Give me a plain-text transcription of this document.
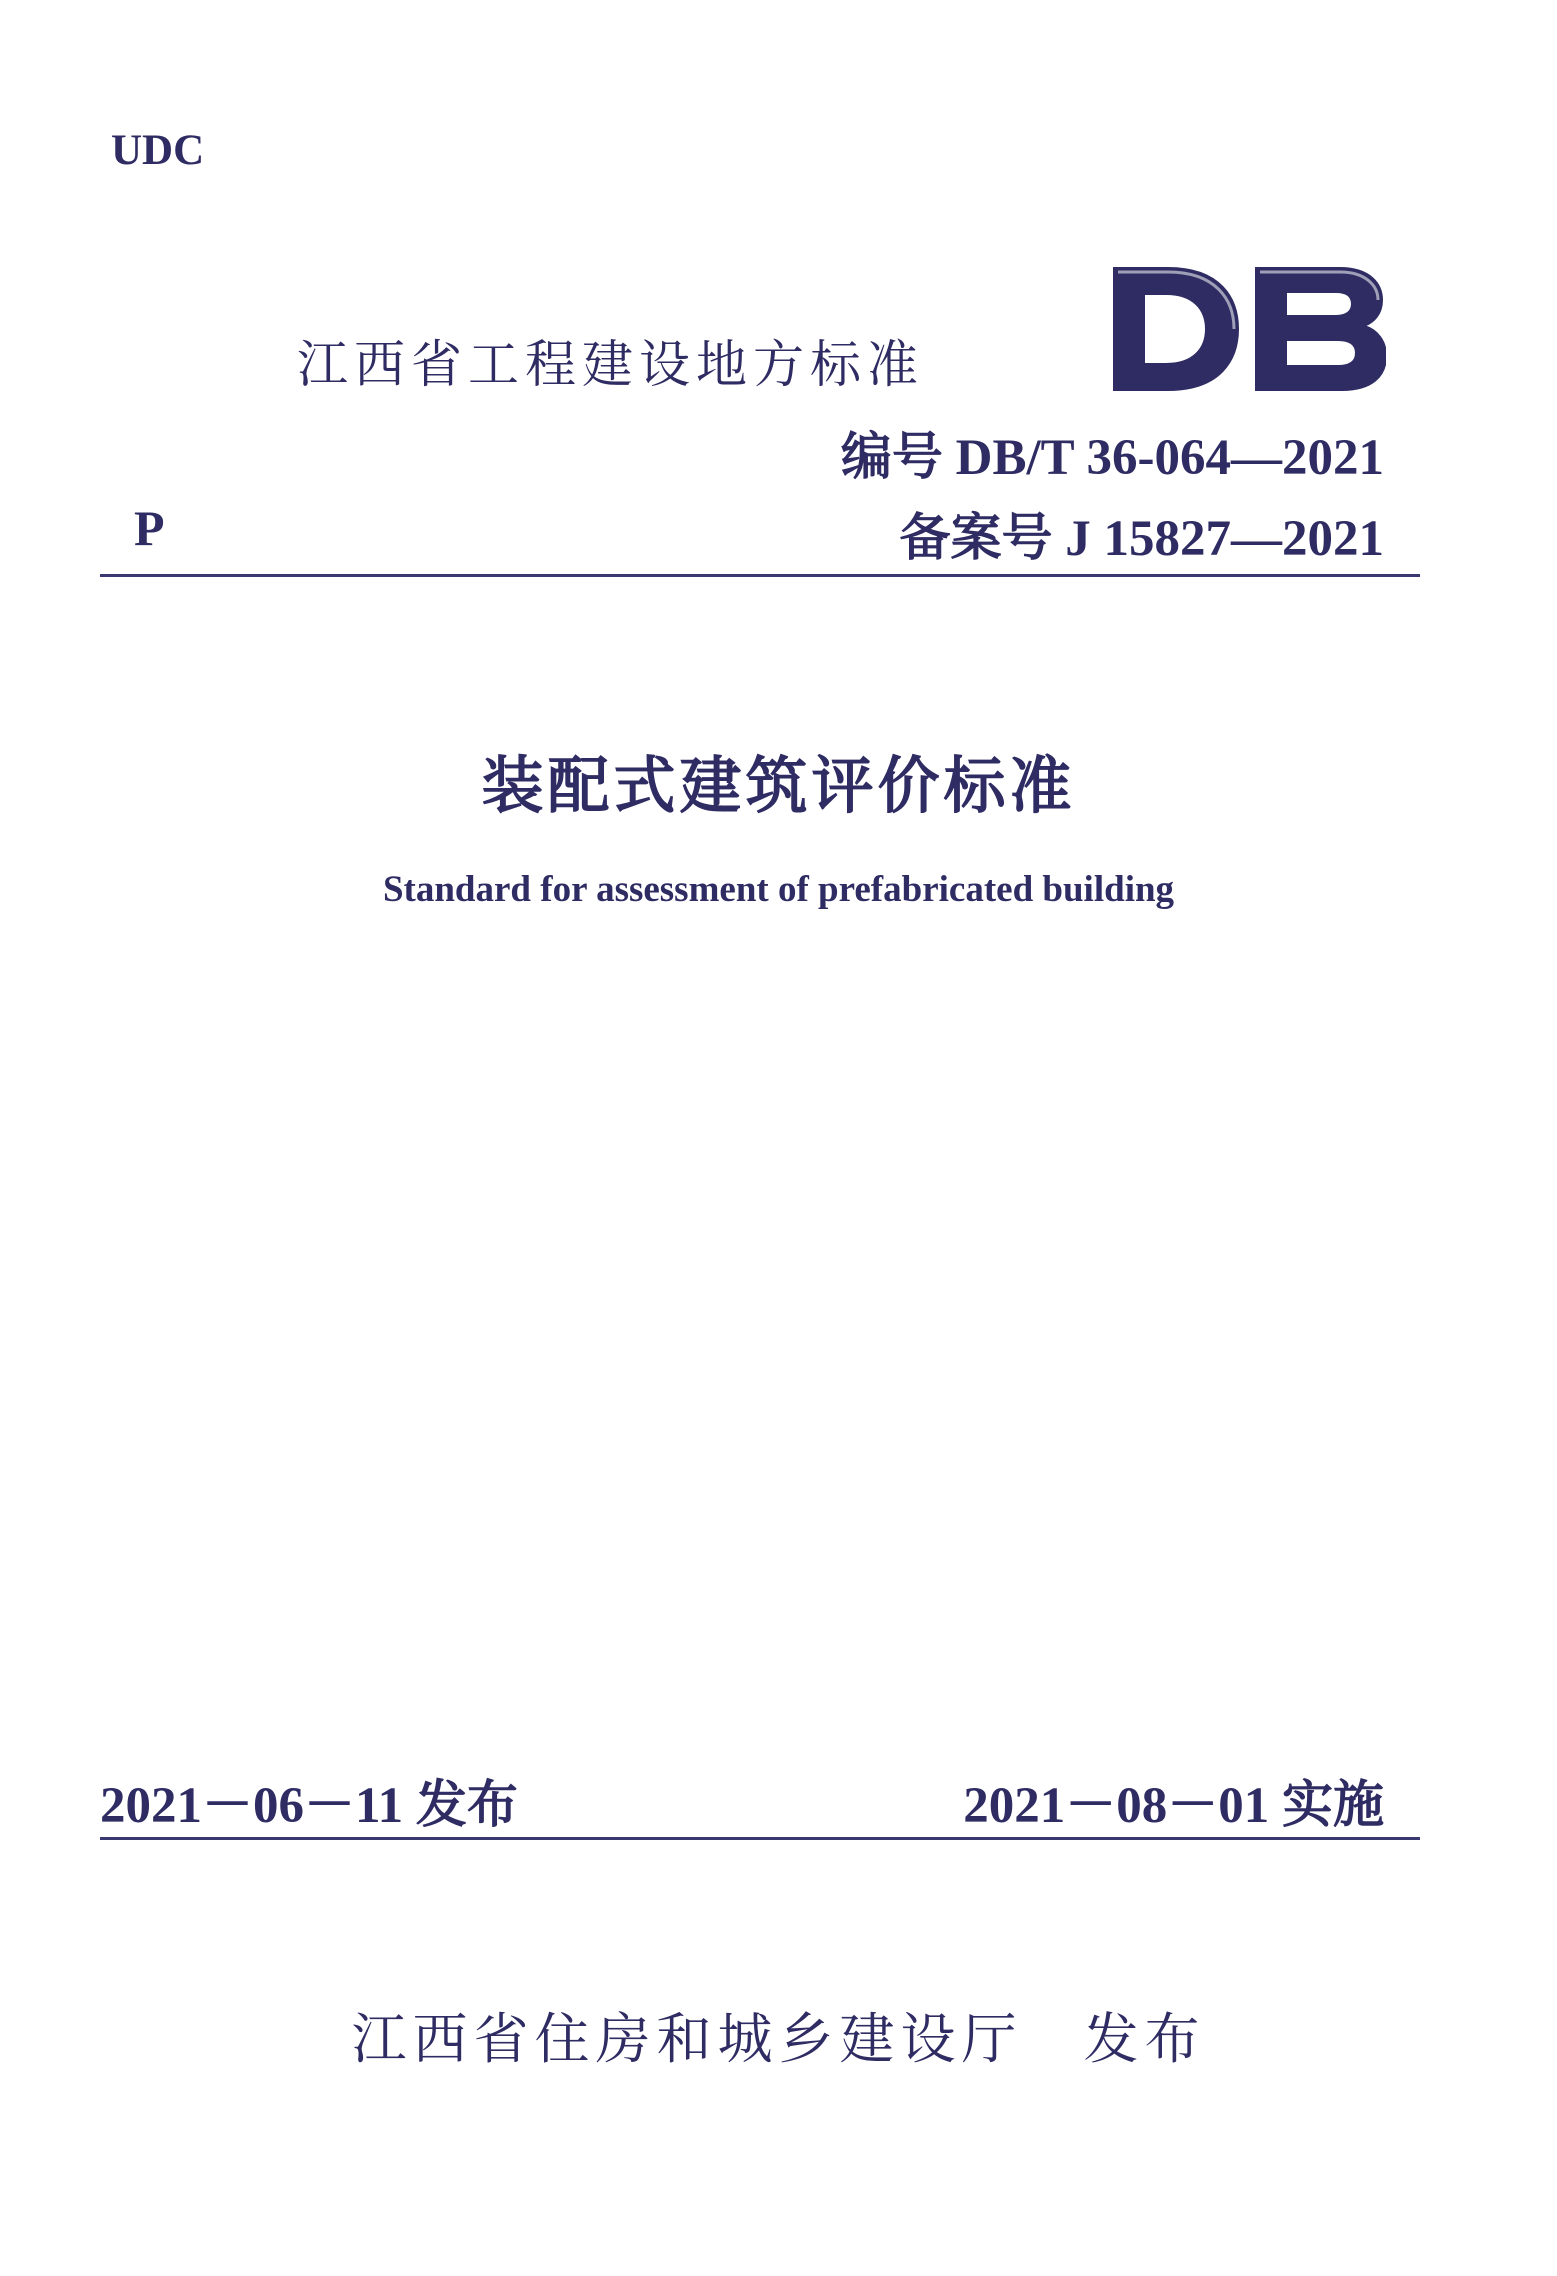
UDC
江西省工程建设地方标准
编号 DB/T 36-064—2021
P	备案号 J 15827—2021
装配式建筑评价标准
Standard for assessment of prefabricated building
2021－06－11 发布	2021－08－01 实施
江西省住房和城乡建设厅　发布
